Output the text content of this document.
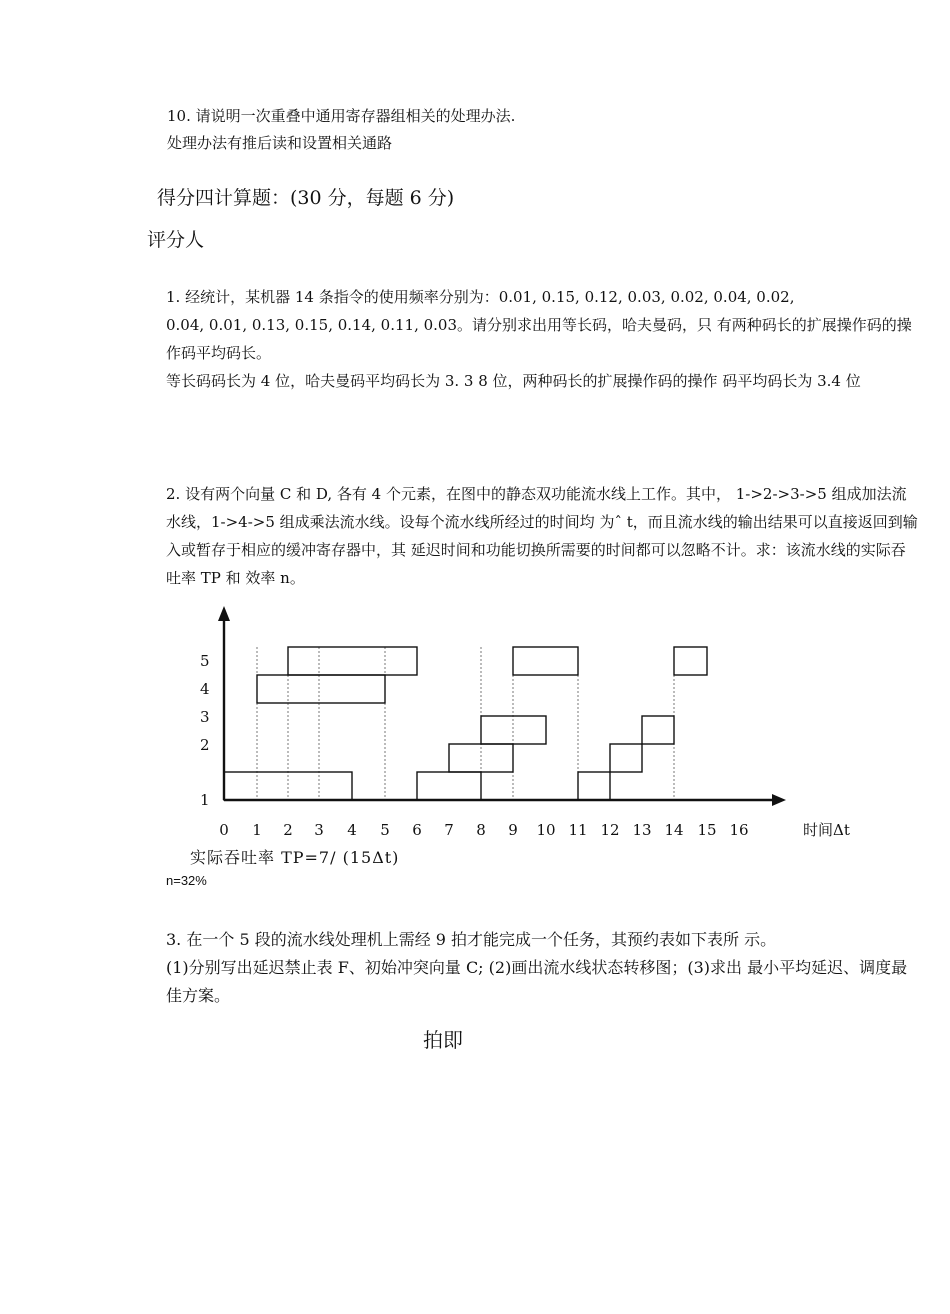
10. 请说明一次重叠中通用寄存器组相关的处理办法.

处理办法有推后读和设置相关通路

得分四计算题：(30 分，每题 6 分)
评分人

1. 经统计，某机器 14 条指令的使用频率分别为：0.01, 0.15, 0.12, 0.03, 0.02, 0.04, 0.02,

0.04, 0.01, 0.13, 0.15, 0.14, 0.11, 0.03。请分别求出用等长码，哈夫曼码，只 有两种码长的扩展操作码的操作码平均码长。

等长码码长为 4 位，哈夫曼码平均码长为 3. 3 8 位，两种码长的扩展操作码的操作 码平均码长为 3.4 位

2. 设有两个向量 C 和 D, 各有 4 个元素，在图中的静态双功能流水线上工作。其中， 1->2->3->5 组成加法流水线，1->4->5 组成乘法流水线。设每个流水线所经过的时间均 为ˆ t，而且流水线的输出结果可以直接返回到输入或暂存于相应的缓冲寄存器中，其 延迟时间和功能切换所需要的时间都可以忽略不计。求：该流水线的实际吞吐率 TP 和 效率 n。

1
2
3
4
5
0 1 2 3 4 5 6 7 8 9 10 11 12 13 14 15 16	时间Δt
实际吞吐率 TP=7/ (15Δt)
n=32%

3. 在一个 5 段的流水线处理机上需经 9 拍才能完成一个任务，其预约表如下表所 示。

(1)分别写出延迟禁止表 F、初始冲突向量 C; (2)画出流水线状态转移图；(3)求出 最小平均延迟、调度最佳方案。

拍即
